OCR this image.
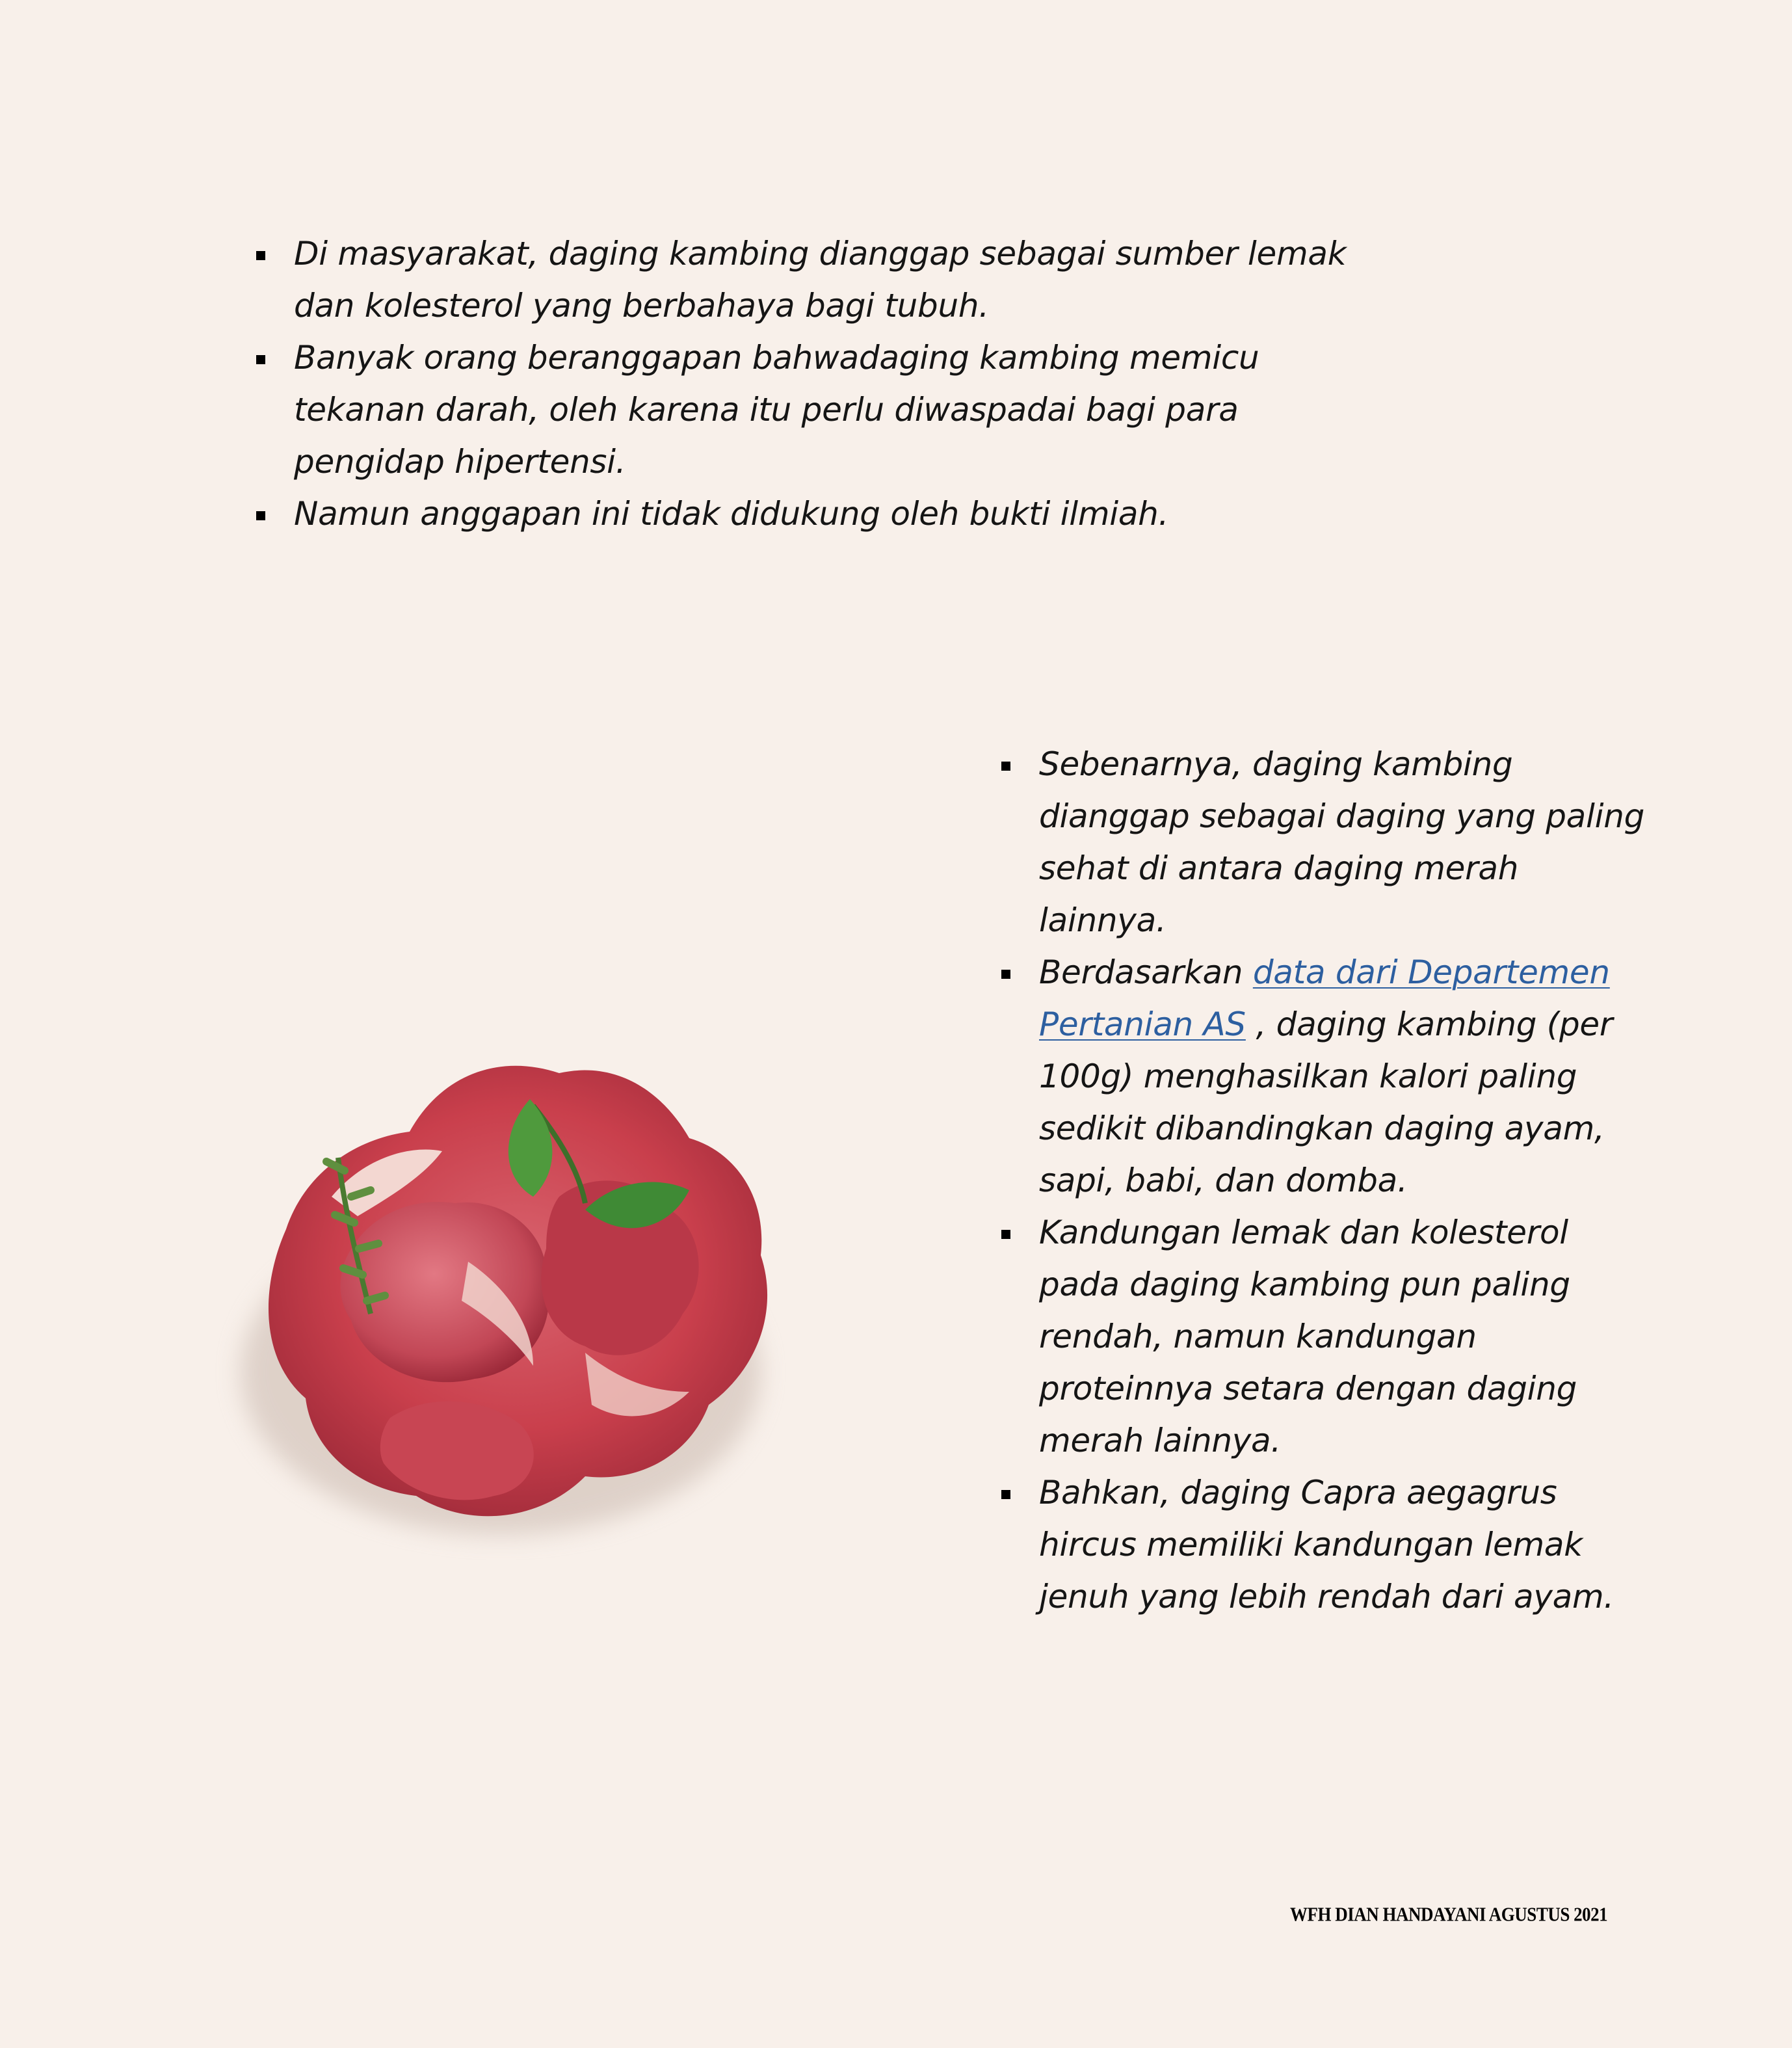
Di masyarakat, daging kambing dianggap sebagai sumber lemak dan kolesterol yang berbahaya bagi tubuh.
Banyak orang beranggapan bahwadaging kambing memicu tekanan darah, oleh karena itu perlu diwaspadai bagi para pengidap hipertensi.
Namun anggapan ini tidak didukung oleh bukti ilmiah.
Sebenarnya, daging kambing dianggap sebagai daging yang paling sehat di antara daging merah lainnya.
Berdasarkan data dari Departemen Pertanian AS , daging kambing (per 100g) menghasilkan kalori paling sedikit dibandingkan daging ayam, sapi, babi, dan domba.
Kandungan lemak dan kolesterol pada daging kambing pun paling rendah, namun kandungan proteinnya setara dengan daging merah lainnya.
Bahkan, daging Capra aegagrus hircus memiliki kandungan lemak jenuh yang lebih rendah dari ayam.
WFH DIAN HANDAYANI AGUSTUS 2021
